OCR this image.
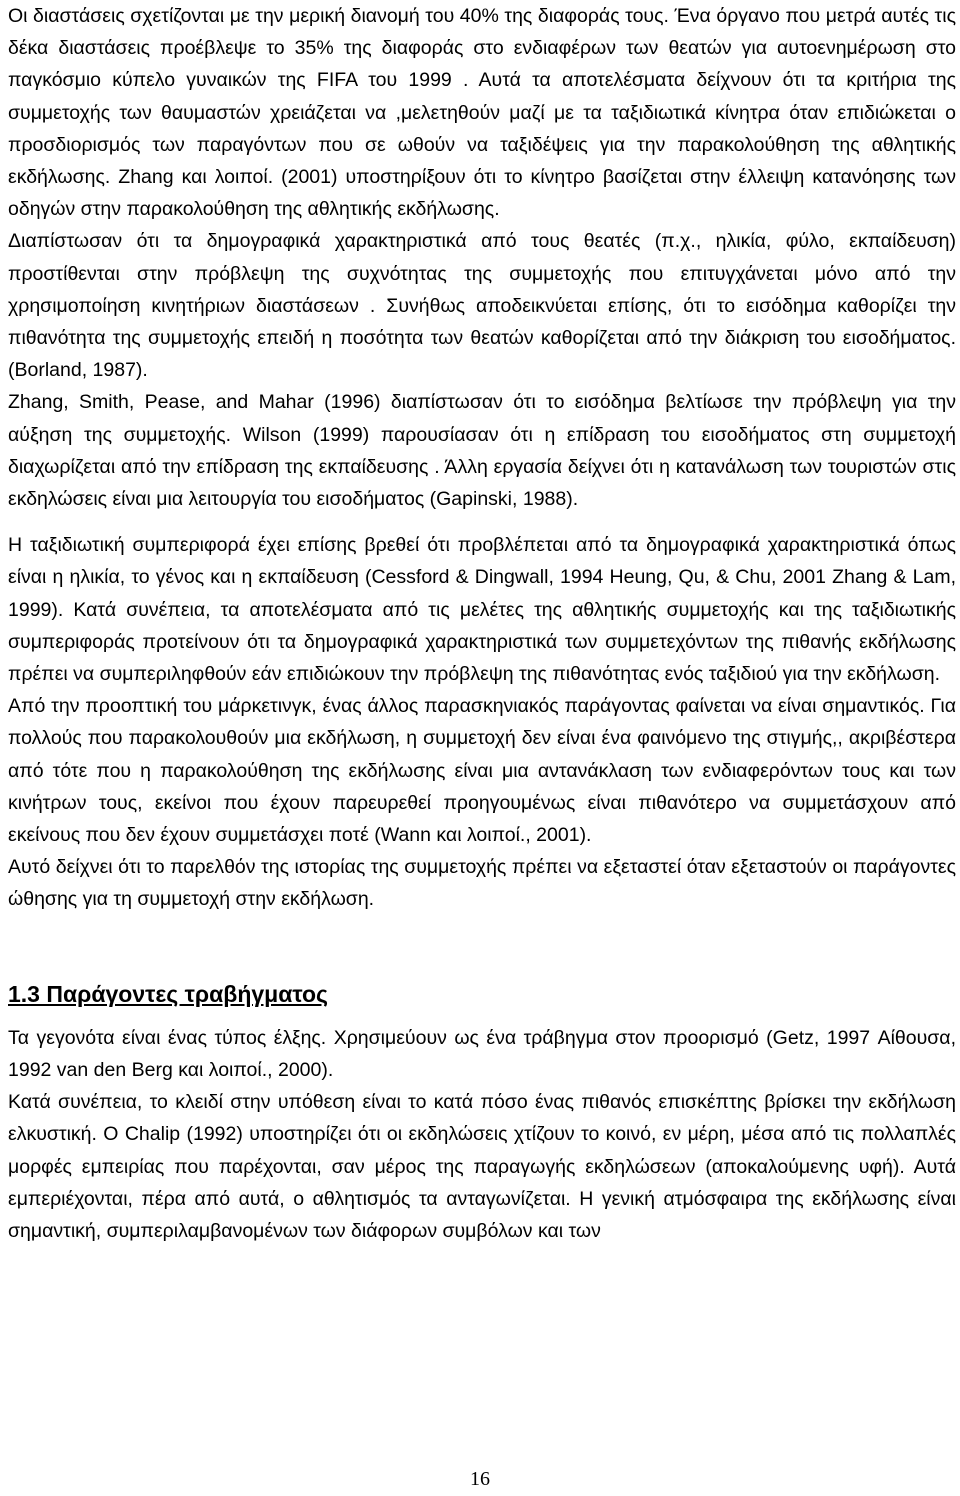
Οι διαστάσεις σχετίζονται με την μερική διανομή του 40% της διαφοράς τους. Ένα όργανο που μετρά αυτές τις δέκα διαστάσεις προέβλεψε το 35% της διαφοράς στο ενδιαφέρων των θεατών για αυτοενημέρωση στο παγκόσμιο κύπελο γυναικών της FIFA του 1999 . Αυτά τα αποτελέσματα δείχνουν ότι τα κριτήρια της συμμετοχής των θαυμαστών χρειάζεται να ,μελετηθούν μαζί με τα ταξιδιωτικά κίνητρα όταν επιδιώκεται ο προσδιορισμός των παραγόντων που σε ωθούν να ταξιδέψεις για την παρακολούθηση της αθλητικής εκδήλωσης. Zhang και λοιποί. (2001) υποστηρίξουν ότι το κίνητρο βασίζεται στην έλλειψη κατανόησης των οδηγών στην παρακολούθηση της αθλητικής εκδήλωσης.

Διαπίστωσαν ότι τα δημογραφικά χαρακτηριστικά από τους θεατές (π.χ., ηλικία, φύλο, εκπαίδευση) προστίθενται στην πρόβλεψη της συχνότητας της συμμετοχής που επιτυγχάνεται μόνο από την χρησιμοποίηση κινητήριων διαστάσεων . Συνήθως αποδεικνύεται επίσης, ότι το εισόδημα καθορίζει την πιθανότητα της συμμετοχής επειδή η ποσότητα των θεατών καθορίζεται από την διάκριση του εισοδήματος. (Borland, 1987).

Zhang, Smith, Pease, and Mahar (1996) διαπίστωσαν ότι το εισόδημα βελτίωσε την πρόβλεψη για την αύξηση της συμμετοχής. Wilson (1999) παρουσίασαν ότι η επίδραση του εισοδήματος στη συμμετοχή διαχωρίζεται από την επίδραση της εκπαίδευσης . Άλλη εργασία δείχνει ότι η κατανάλωση των τουριστών στις εκδηλώσεις είναι μια λειτουργία του εισοδήματος (Gapinski, 1988).

Η ταξιδιωτική συμπεριφορά έχει επίσης βρεθεί ότι προβλέπεται από τα δημογραφικά χαρακτηριστικά όπως είναι η ηλικία, το γένος και η εκπαίδευση (Cessford & Dingwall, 1994 Heung, Qu, & Chu, 2001 Zhang & Lam, 1999). Κατά συνέπεια, τα αποτελέσματα από τις μελέτες της αθλητικής συμμετοχής και της ταξιδιωτικής συμπεριφοράς προτείνουν ότι τα δημογραφικά χαρακτηριστικά των συμμετεχόντων της πιθανής εκδήλωσης πρέπει να συμπεριληφθούν εάν επιδιώκουν την πρόβλεψη της πιθανότητας ενός ταξιδιού για την εκδήλωση.

Από την προοπτική του μάρκετινγκ, ένας άλλος παρασκηνιακός παράγοντας φαίνεται να είναι σημαντικός. Για πολλούς που παρακολουθούν μια εκδήλωση, η συμμετοχή δεν είναι ένα φαινόμενο της στιγμής,, ακριβέστερα από τότε που η παρακολούθηση της εκδήλωσης είναι μια αντανάκλαση των ενδιαφερόντων τους και των κινήτρων τους, εκείνοι που έχουν παρευρεθεί προηγουμένως είναι πιθανότερο να συμμετάσχουν από εκείνους που δεν έχουν συμμετάσχει ποτέ (Wann και λοιποί., 2001).

Αυτό δείχνει ότι το παρελθόν της ιστορίας της συμμετοχής πρέπει να εξεταστεί όταν εξεταστούν οι παράγοντες ώθησης για τη συμμετοχή στην εκδήλωση.

1.3 Παράγοντες τραβήγματος

Τα γεγονότα είναι ένας τύπος έλξης. Χρησιμεύουν ως ένα τράβηγμα στον προορισμό (Getz, 1997 Αίθουσα, 1992 van den Berg και λοιποί., 2000).

Κατά συνέπεια, το κλειδί στην υπόθεση είναι το κατά πόσο ένας πιθανός επισκέπτης βρίσκει την εκδήλωση ελκυστική. Ο Chalip (1992) υποστηρίζει ότι οι εκδηλώσεις χτίζουν το κοινό, εν μέρη, μέσα από τις πολλαπλές μορφές εμπειρίας που παρέχονται, σαν μέρος της παραγωγής εκδηλώσεων (αποκαλούμενης υφή). Αυτά εμπεριέχονται, πέρα από αυτά, ο αθλητισμός τα ανταγωνίζεται. Η γενική ατμόσφαιρα της εκδήλωσης είναι σημαντική, συμπεριλαμβανομένων των διάφορων συμβόλων και των

16
